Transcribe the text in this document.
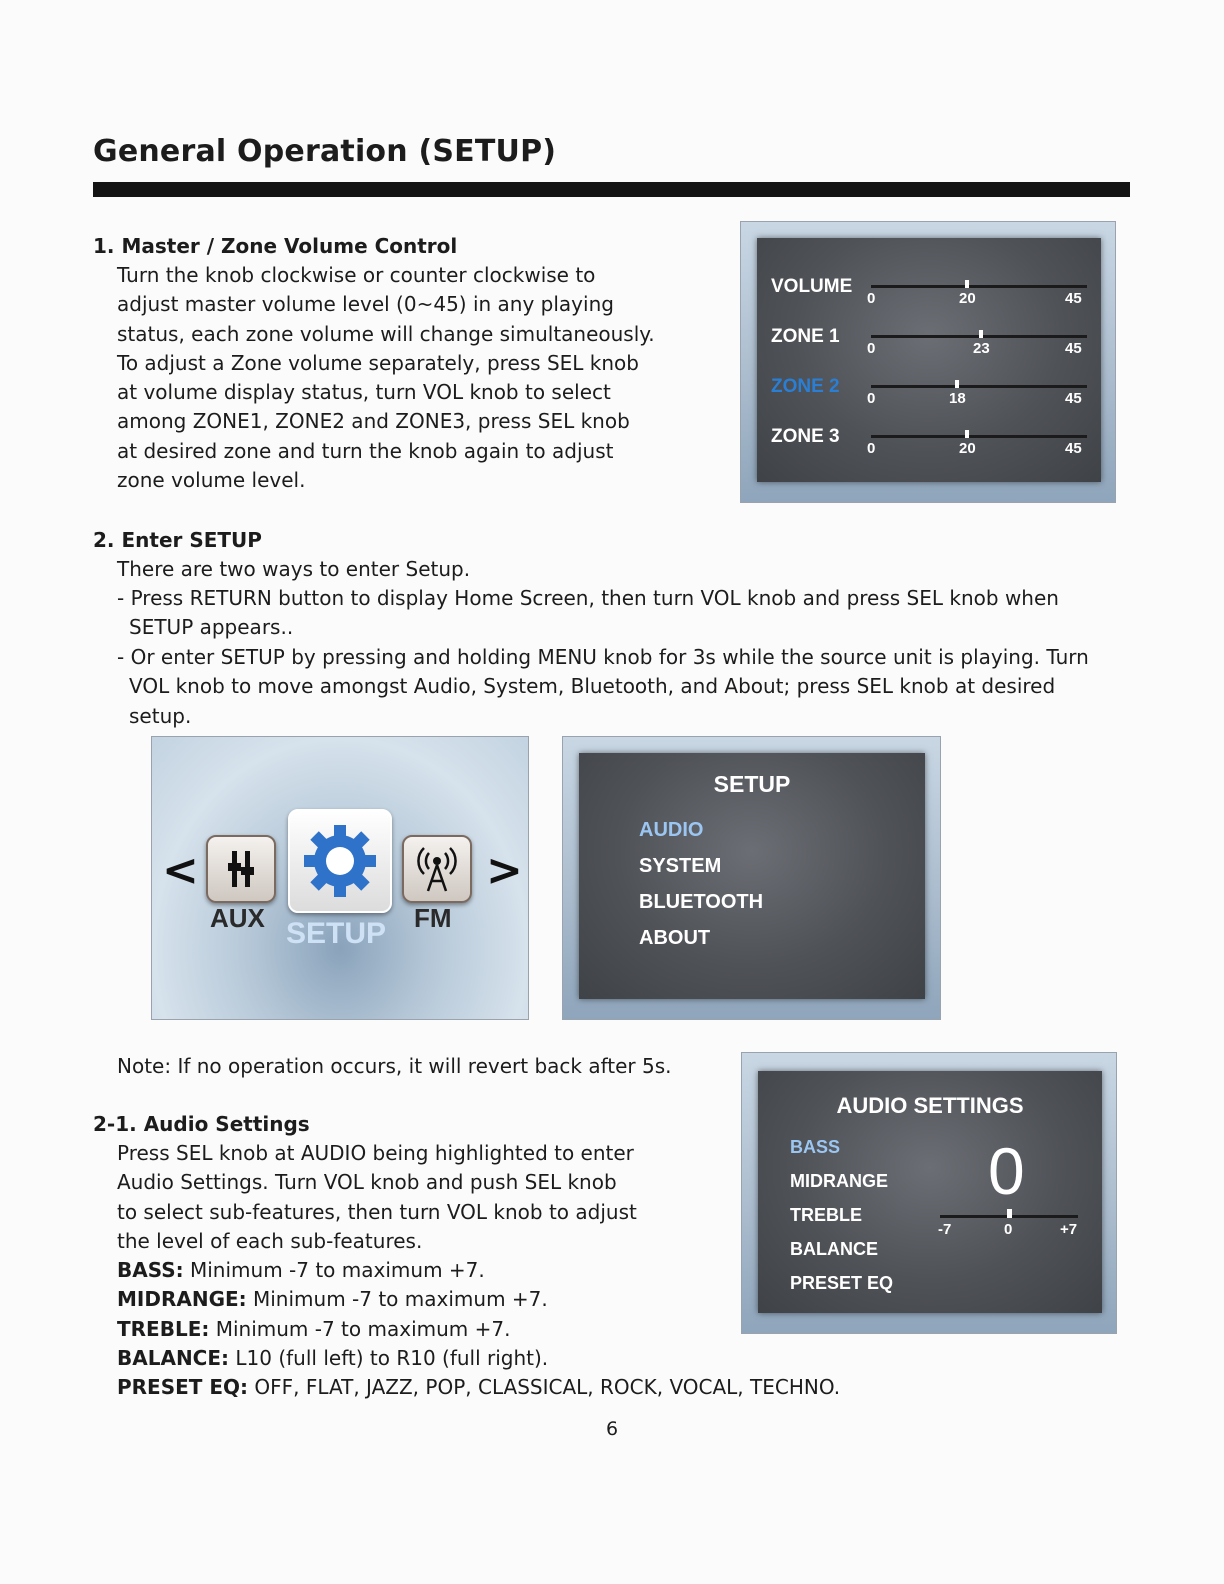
General Operation (SETUP)
1. Master / Zone Volume Control
Turn the knob clockwise or counter clockwise to
adjust master volume level (0~45) in any playing
status, each zone volume will change simultaneously.
To adjust a Zone volume separately, press SEL knob
at volume display status, turn VOL knob to select
among ZONE1, ZONE2 and ZONE3, press SEL knob
at desired zone and turn the knob again to adjust
zone volume level.
VOLUME
0	20	45
ZONE 1
0	23	45
ZONE 2
0	18	45
ZONE 3
0	20	45
2. Enter SETUP
There are two ways to enter Setup.
- Press RETURN button to display Home Screen, then turn VOL knob and press SEL knob when SETUP appears..
- Or enter SETUP by pressing and holding MENU knob for 3s while the source unit is playing. Turn VOL knob to move amongst Audio, System, Bluetooth, and About; press SEL knob at desired setup.
<	>
AUX SETUP FM
SETUP
AUDIO
SYSTEM
BLUETOOTH
ABOUT
Note: If no operation occurs, it will revert back after 5s.
2-1. Audio Settings
Press SEL knob at AUDIO being highlighted to enter
Audio Settings. Turn VOL knob and push SEL knob
to select sub-features, then turn VOL knob to adjust
the level of each sub-features.
BASS: Minimum -7 to maximum +7.
MIDRANGE: Minimum -7 to maximum +7.
TREBLE: Minimum -7 to maximum +7.
BALANCE: L10 (full left) to R10 (full right).
PRESET EQ: OFF, FLAT, JAZZ, POP, CLASSICAL, ROCK, VOCAL, TECHNO.
AUDIO SETTINGS
BASS
MIDRANGE
TREBLE
BALANCE
PRESET EQ
0
-7	0	+7
6
